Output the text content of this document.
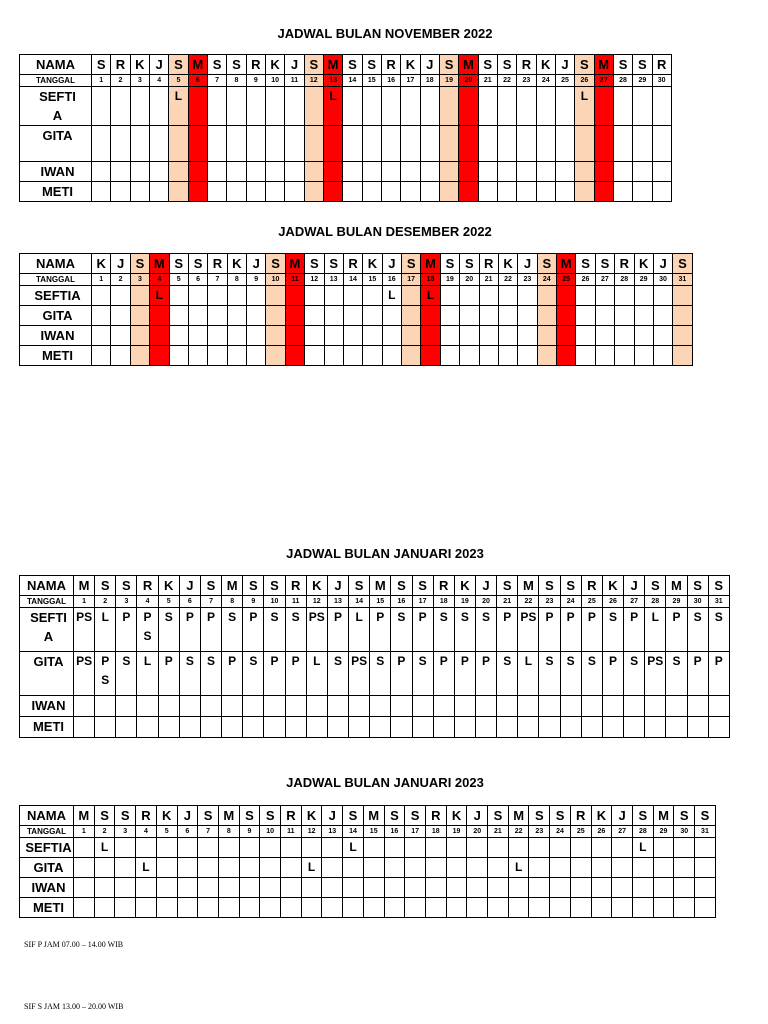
JADWAL BULAN NOVEMBER 2022
NAMA	S	R	K	J	S	M	S	S	R	K	J	S	M	S	S	R	K	J	S	M	S	S	R	K	J	S	M	S	S	R
TANGGAL	1	2	3	4	5	6	7	8	9	10	11	12	13	14	15	16	17	18	19	20	21	22	23	24	25	26	27	28	29	30
SEFTI A					L								L													L				
GITA																														
IWAN																														
METI																														
JADWAL BULAN DESEMBER 2022
NAMA	K	J	S	M	S	S	R	K	J	S	M	S	S	R	K	J	S	M	S	S	R	K	J	S	M	S	S	R	K	J	S
TANGGAL	1	2	3	4	5	6	7	8	9	10	11	12	13	14	15	16	17	18	19	20	21	22	23	24	25	26	27	28	29	30	31
SEFTIA				L												L		L													
GITA																															
IWAN																															
METI																															
JADWAL BULAN JANUARI 2023
NAMA	M	S	S	R	K	J	S	M	S	S	R	K	J	S	M	S	S	R	K	J	S	M	S	S	R	K	J	S	M	S	S
TANGGAL	1	2	3	4	5	6	7	8	9	10	11	12	13	14	15	16	17	18	19	20	21	22	23	24	25	26	27	28	29	30	31
SEFTI A	PS	L	P	P S	S	P	P	S	P	S	S	PS	P	L	P	S	P	S	S	S	P	PS	P	P	P	S	P	L	P	S	S
GITA	PS	P S	S	L	P	S	S	P	S	P	P	L	S	PS	S	P	S	P	P	P	S	L	S	S	S	P	S	PS	S	P	P
IWAN																															
METI																															
JADWAL BULAN JANUARI 2023
NAMA	M	S	S	R	K	J	S	M	S	S	R	K	J	S	M	S	S	R	K	J	S	M	S	S	R	K	J	S	M	S	S
TANGGAL	1	2	3	4	5	6	7	8	9	10	11	12	13	14	15	16	17	18	19	20	21	22	23	24	25	26	27	28	29	30	31
SEFTIA		L												L														L			
GITA				L								L										L									
IWAN																															
METI																															
SIF P JAM 07.00 – 14.00 WIB
SIF S JAM 13.00 – 20.00 WIB
